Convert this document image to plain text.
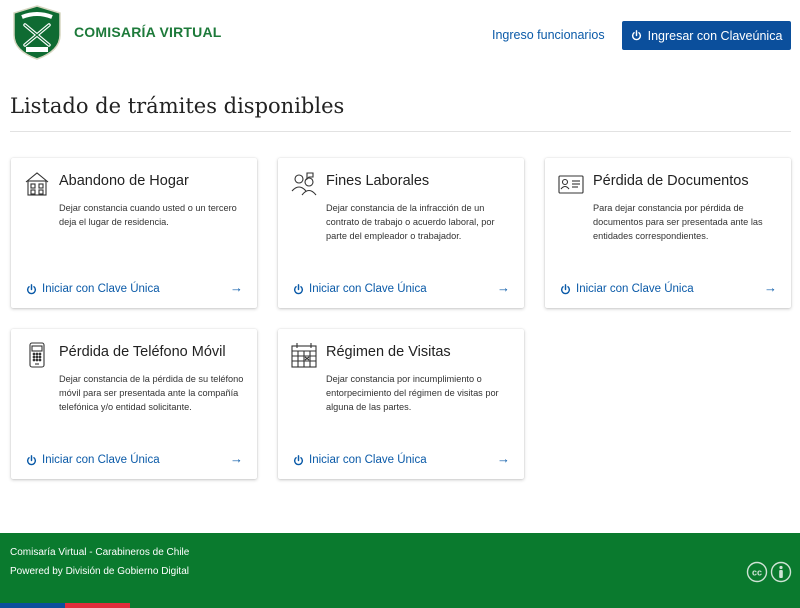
COMISARÍA VIRTUAL	Ingreso funcionarios	Ingresar con Claveúnica
Listado de trámites disponibles
Abandono de Hogar
Dejar constancia cuando usted o un tercero deja el lugar de residencia.
Iniciar con Clave Única	→
Fines Laborales
Dejar constancia de la infracción de un contrato de trabajo o acuerdo laboral, por parte del empleador o trabajador.
Iniciar con Clave Única	→
Pérdida de Documentos
Para dejar constancia por pérdida de documentos para ser presentada ante las entidades correspondientes.
Iniciar con Clave Única	→
Pérdida de Teléfono Móvil
Dejar constancia de la pérdida de su teléfono móvil para ser presentada ante la compañía telefónica y/o entidad solicitante.
Iniciar con Clave Única	→
Régimen de Visitas
Dejar constancia por incumplimiento o entorpecimiento del régimen de visitas por alguna de las partes.
Iniciar con Clave Única	→
Comisaría Virtual - Carabineros de Chile
Powered by División de Gobierno Digital	cc
